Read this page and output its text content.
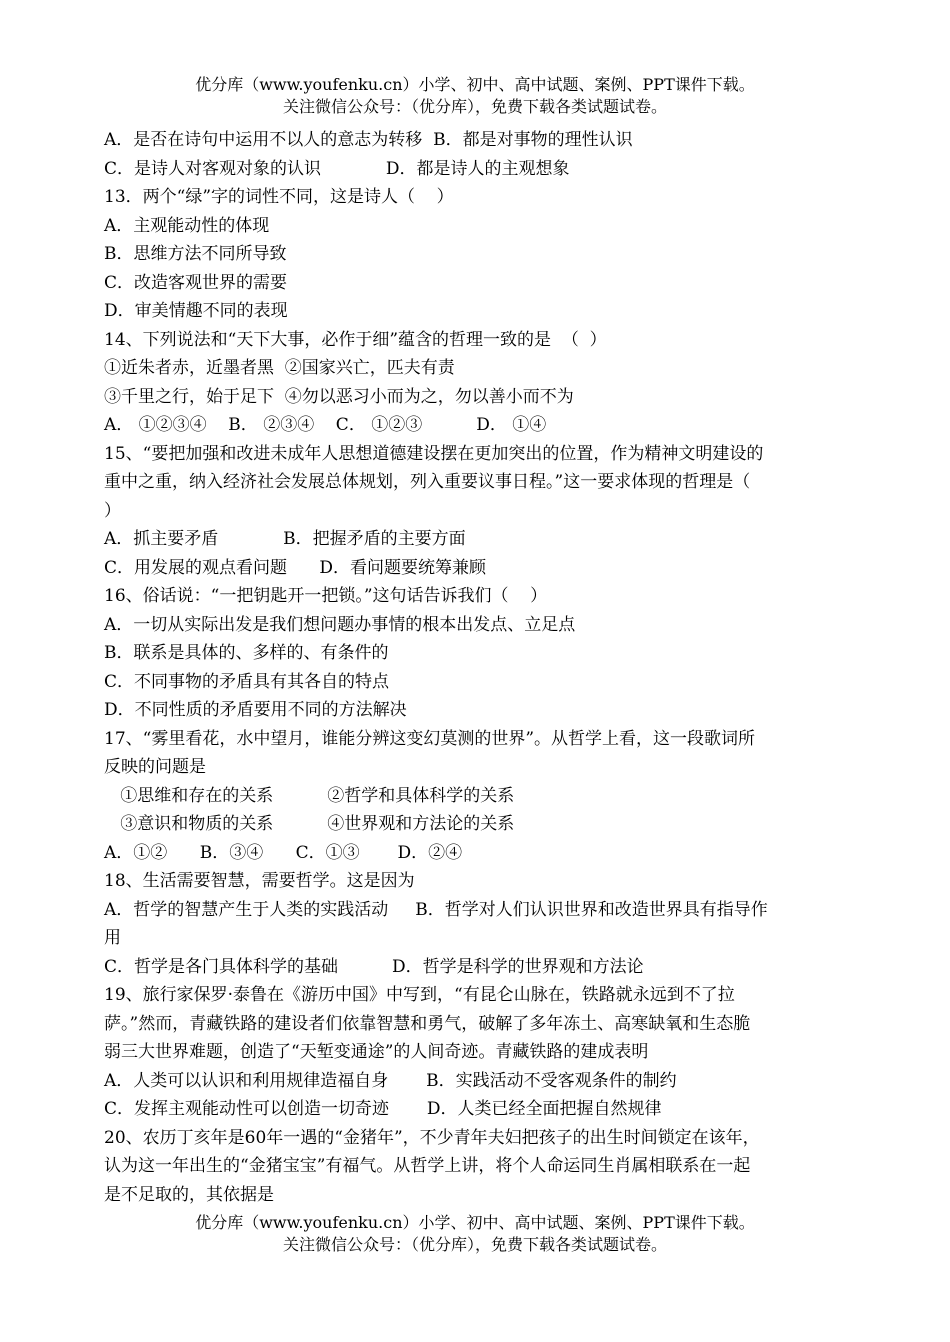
优分库（www.youfenku.cn）小学、初中、高中试题、案例、PPT课件下载。
关注微信公众号：（优分库），免费下载各类试题试卷。
A．是否在诗句中运用不以人的意志为转移  B．都是对事物的理性认识
C．是诗人对客观对象的认识            D．都是诗人的主观想象
13．两个“绿”字的词性不同，这是诗人（    ）
A．主观能动性的体现
B．思维方法不同所导致
C．改造客观世界的需要
D．审美情趣不同的表现
14、下列说法和“天下大事，必作于细”蕴含的哲理一致的是  （  ）
①近朱者赤，近墨者黑  ②国家兴亡，匹夫有责
③千里之行，始于足下  ④勿以恶习小而为之，勿以善小而不为
A． ①②③④    B． ②③④    C． ①②③          D． ①④
15、“要把加强和改进未成年人思想道德建设摆在更加突出的位置，作为精神文明建设的
重中之重，纳入经济社会发展总体规划，列入重要议事日程。”这一要求体现的哲理是（
）
A．抓主要矛盾            B．把握矛盾的主要方面
C．用发展的观点看问题      D．看问题要统筹兼顾
16、俗话说：“一把钥匙开一把锁。”这句话告诉我们（    ）
A．一切从实际出发是我们想问题办事情的根本出发点、立足点
B．联系是具体的、多样的、有条件的
C．不同事物的矛盾具有其各自的特点
D．不同性质的矛盾要用不同的方法解决
17、“雾里看花，水中望月，谁能分辨这变幻莫测的世界”。从哲学上看，这一段歌词所
反映的问题是
①思维和存在的关系          ②哲学和具体科学的关系
③意识和物质的关系          ④世界观和方法论的关系
A．①②      B．③④      C．①③       D．②④
18、生活需要智慧，需要哲学。这是因为
A．哲学的智慧产生于人类的实践活动     B．哲学对人们认识世界和改造世界具有指导作
用
C．哲学是各门具体科学的基础          D．哲学是科学的世界观和方法论
19、旅行家保罗·泰鲁在《游历中国》中写到，“有昆仑山脉在，铁路就永远到不了拉
萨。”然而，青藏铁路的建设者们依靠智慧和勇气，破解了多年冻土、高寒缺氧和生态脆
弱三大世界难题，创造了“天堑变通途”的人间奇迹。青藏铁路的建成表明
A．人类可以认识和利用规律造福自身       B．实践活动不受客观条件的制约
C．发挥主观能动性可以创造一切奇迹       D．人类已经全面把握自然规律
20、农历丁亥年是60年一遇的“金猪年”，不少青年夫妇把孩子的出生时间锁定在该年，
认为这一年出生的“金猪宝宝”有福气。从哲学上讲，将个人命运同生肖属相联系在一起
是不足取的，其依据是
优分库（www.youfenku.cn）小学、初中、高中试题、案例、PPT课件下载。
关注微信公众号：（优分库），免费下载各类试题试卷。
